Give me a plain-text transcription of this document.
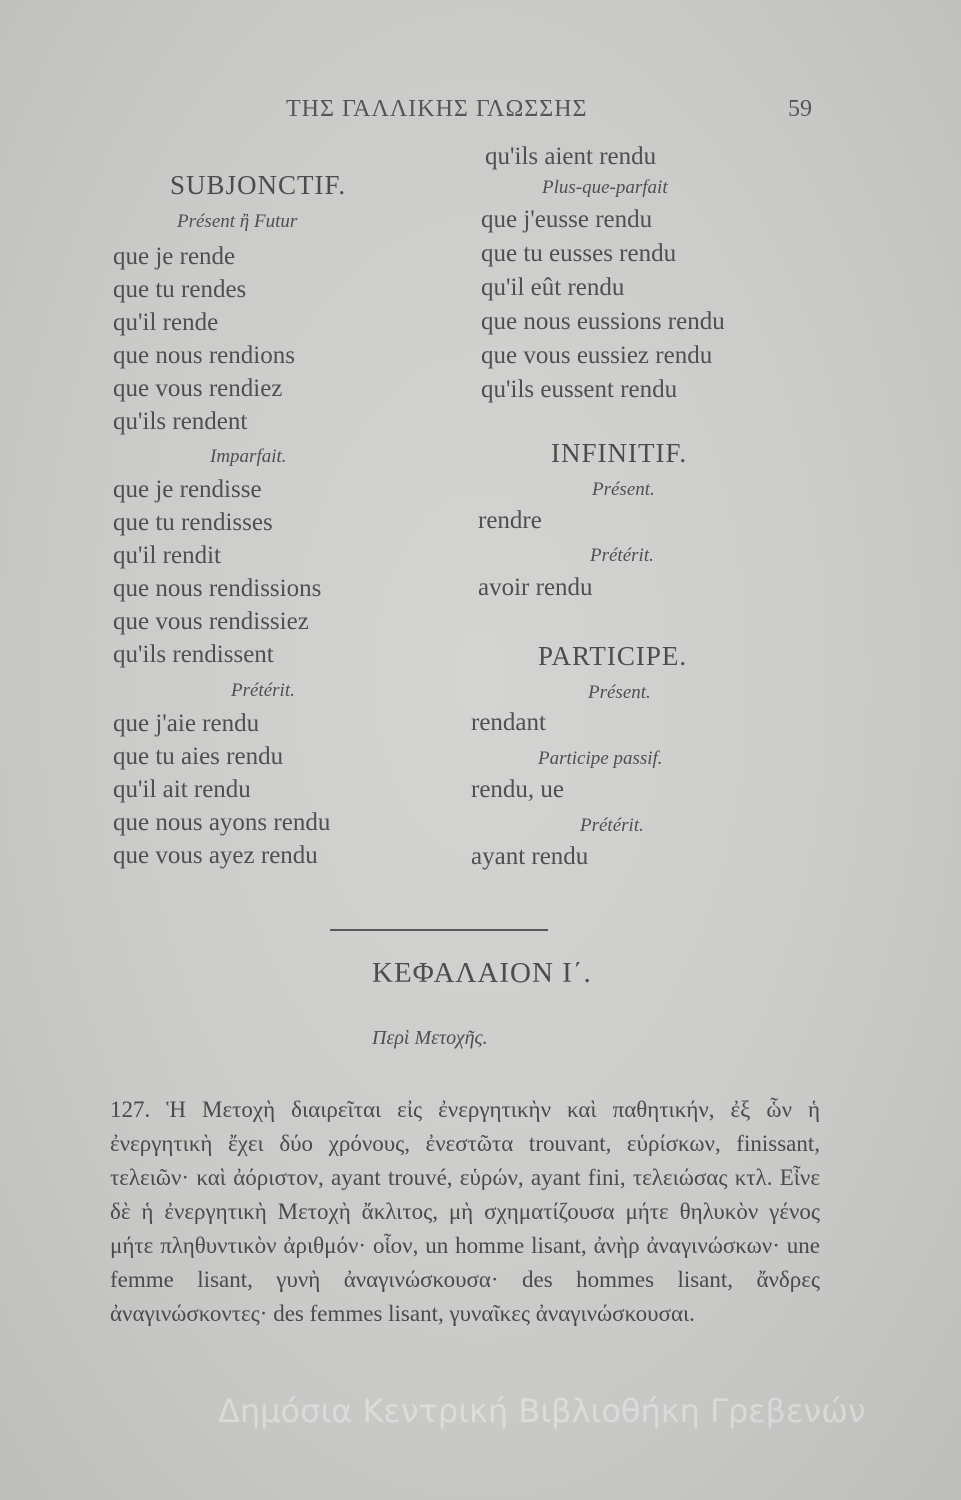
ΤΗΣ ΓΑΛΛΙΚΗΣ ΓΛΩΣΣΗΣ	59
SUBJONCTIF.
Présent ἢ Futur
que je rende
que tu rendes
qu'il rende
que nous rendions
que vous rendiez
qu'ils rendent
Imparfait.
que je rendisse
que tu rendisses
qu'il rendit
que nous rendissions
que vous rendissiez
qu'ils rendissent
Prétérit.
que j'aie rendu
que tu aies rendu
qu'il ait rendu
que nous ayons rendu
que vous ayez rendu
qu'ils aient rendu
Plus-que-parfait
que j'eusse rendu
que tu eusses rendu
qu'il eût rendu
que nous eussions rendu
que vous eussiez rendu
qu'ils eussent rendu
INFINITIF.
Présent.
rendre
Prétérit.
avoir rendu
PARTICIPE.
Présent.
rendant
Participe passif.
rendu, ue
Prétérit.
ayant rendu
ΚΕΦΑΛΑΙΟΝ Ι΄.
Περὶ Μετοχῆς.
127. Ἡ Μετοχὴ διαιρεῖται εἰς ἐνεργητικὴν καὶ παθητικήν, ἐξ ὧν ἡ ἐνεργητικὴ ἔχει δύο χρόνους, ἐνεστῶτα trouvant, εὑρίσκων, finissant, τελειῶν· καὶ ἀόριστον, ayant trouvé, εὑρών, ayant fini, τελειώσας κτλ. Εἶνε δὲ ἡ ἐνεργητικὴ Μετοχὴ ἄκλιτος, μὴ σχηματίζουσα μήτε θηλυκὸν γένος μήτε πληθυντικὸν ἀριθμόν· οἷον, un homme lisant, ἀνὴρ ἀναγινώσκων· une femme lisant, γυνὴ ἀναγινώσκουσα· des hommes lisant, ἄνδρες ἀναγινώσκοντες· des femmes lisant, γυναῖκες ἀναγινώσκουσαι.
Δημόσια Κεντρική Βιβλιοθήκη Γρεβενών
